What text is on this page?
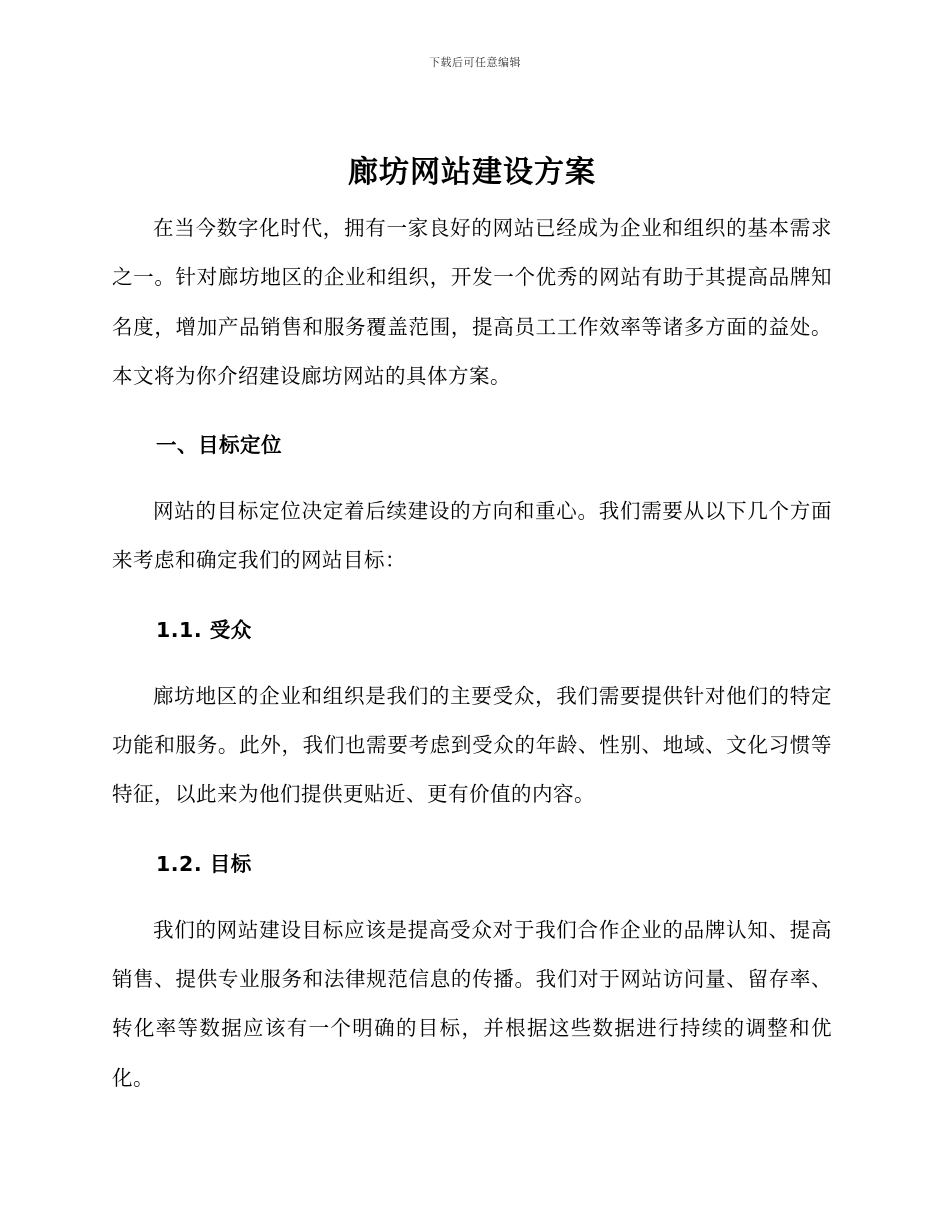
下载后可任意编辑
廊坊网站建设方案

在当今数字化时代，拥有一家良好的网站已经成为企业和组织的基本需求之一。针对廊坊地区的企业和组织，开发一个优秀的网站有助于其提高品牌知名度，增加产品销售和服务覆盖范围，提高员工工作效率等诸多方面的益处。本文将为你介绍建设廊坊网站的具体方案。

一、目标定位

网站的目标定位决定着后续建设的方向和重心。我们需要从以下几个方面来考虑和确定我们的网站目标：

1.1. 受众

廊坊地区的企业和组织是我们的主要受众，我们需要提供针对他们的特定功能和服务。此外，我们也需要考虑到受众的年龄、性别、地域、文化习惯等特征，以此来为他们提供更贴近、更有价值的内容。

1.2. 目标

我们的网站建设目标应该是提高受众对于我们合作企业的品牌认知、提高销售、提供专业服务和法律规范信息的传播。我们对于网站访问量、留存率、转化率等数据应该有一个明确的目标，并根据这些数据进行持续的调整和优化。
